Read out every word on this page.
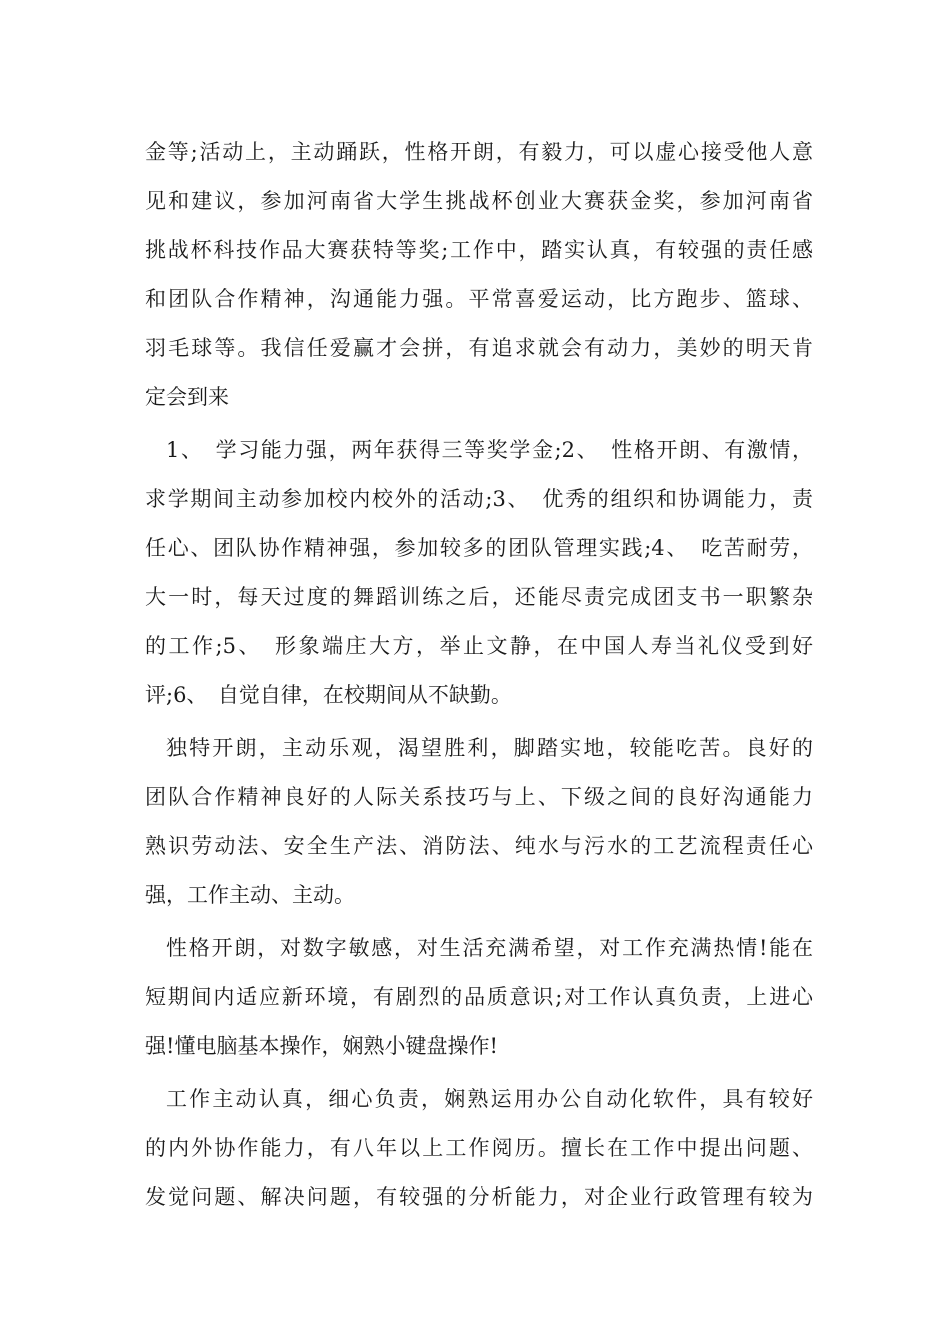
金等;活动上，主动踊跃，性格开朗，有毅力，可以虚心接受他人意
见和建议，参加河南省大学生挑战杯创业大赛获金奖，参加河南省
挑战杯科技作品大赛获特等奖;工作中，踏实认真，有较强的责任感
和团队合作精神，沟通能力强。平常喜爱运动，比方跑步、篮球、
羽毛球等。我信任爱赢才会拼，有追求就会有动力，美妙的明天肯
定会到来
1、　学习能力强，两年获得三等奖学金;2、　性格开朗、有激情，
求学期间主动参加校内校外的活动;3、　优秀的组织和协调能力，责
任心、团队协作精神强，参加较多的团队管理实践;4、　吃苦耐劳，
大一时，每天过度的舞蹈训练之后，还能尽责完成团支书一职繁杂
的工作;5、　形象端庄大方，举止文静，在中国人寿当礼仪受到好
评;6、　自觉自律，在校期间从不缺勤。
独特开朗，主动乐观，渴望胜利，脚踏实地，较能吃苦。良好的
团队合作精神良好的人际关系技巧与上、下级之间的良好沟通能力
熟识劳动法、安全生产法、消防法、纯水与污水的工艺流程责任心
强，工作主动、主动。
性格开朗，对数字敏感，对生活充满希望，对工作充满热情!能在
短期间内适应新环境，有剧烈的品质意识;对工作认真负责，上进心
强!懂电脑基本操作，娴熟小键盘操作!
工作主动认真，细心负责，娴熟运用办公自动化软件，具有较好
的内外协作能力，有八年以上工作阅历。擅长在工作中提出问题、
发觉问题、解决问题，有较强的分析能力，对企业行政管理有较为
